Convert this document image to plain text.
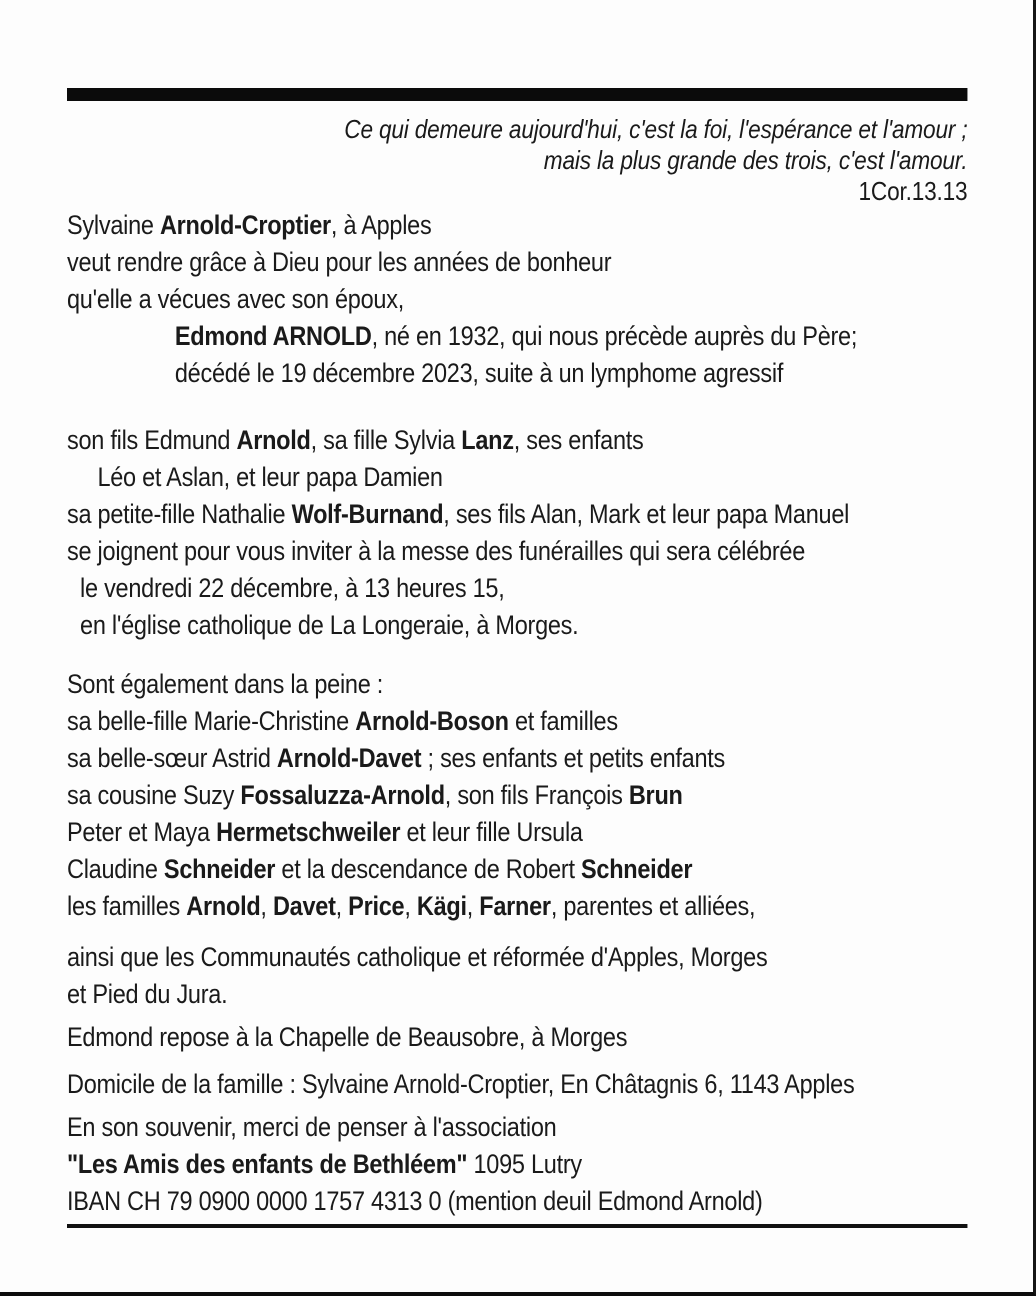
Ce qui demeure aujourd'hui, c'est la foi, l'espérance et l'amour ;
mais la plus grande des trois, c'est l'amour.
1Cor.13.13
Sylvaine Arnold-Croptier, à Apples
veut rendre grâce à Dieu pour les années de bonheur
qu'elle a vécues avec son époux,
Edmond ARNOLD, né en 1932, qui nous précède auprès du Père;
décédé le 19 décembre 2023, suite à un lymphome agressif
son fils Edmund Arnold, sa fille Sylvia Lanz, ses enfants
Léo et Aslan, et leur papa Damien
sa petite-fille Nathalie Wolf-Burnand, ses fils Alan, Mark et leur papa Manuel
se joignent pour vous inviter à la messe des funérailles qui sera célébrée
le vendredi 22 décembre, à 13 heures 15,
en l'église catholique de La Longeraie, à Morges.
Sont également dans la peine :
sa belle-fille Marie-Christine Arnold-Boson et familles
sa belle-sœur Astrid Arnold-Davet ; ses enfants et petits enfants
sa cousine Suzy Fossaluzza-Arnold, son fils François Brun
Peter et Maya Hermetschweiler et leur fille Ursula
Claudine Schneider et la descendance de Robert Schneider
les familles Arnold, Davet, Price, Kägi, Farner, parentes et alliées,
ainsi que les Communautés catholique et réformée d'Apples, Morges
et Pied du Jura.
Edmond repose à la Chapelle de Beausobre, à Morges
Domicile de la famille : Sylvaine Arnold-Croptier, En Châtagnis 6, 1143 Apples
En son souvenir, merci de penser à l'association
"Les Amis des enfants de Bethléem" 1095 Lutry
IBAN CH 79 0900 0000 1757 4313 0 (mention deuil Edmond Arnold)
